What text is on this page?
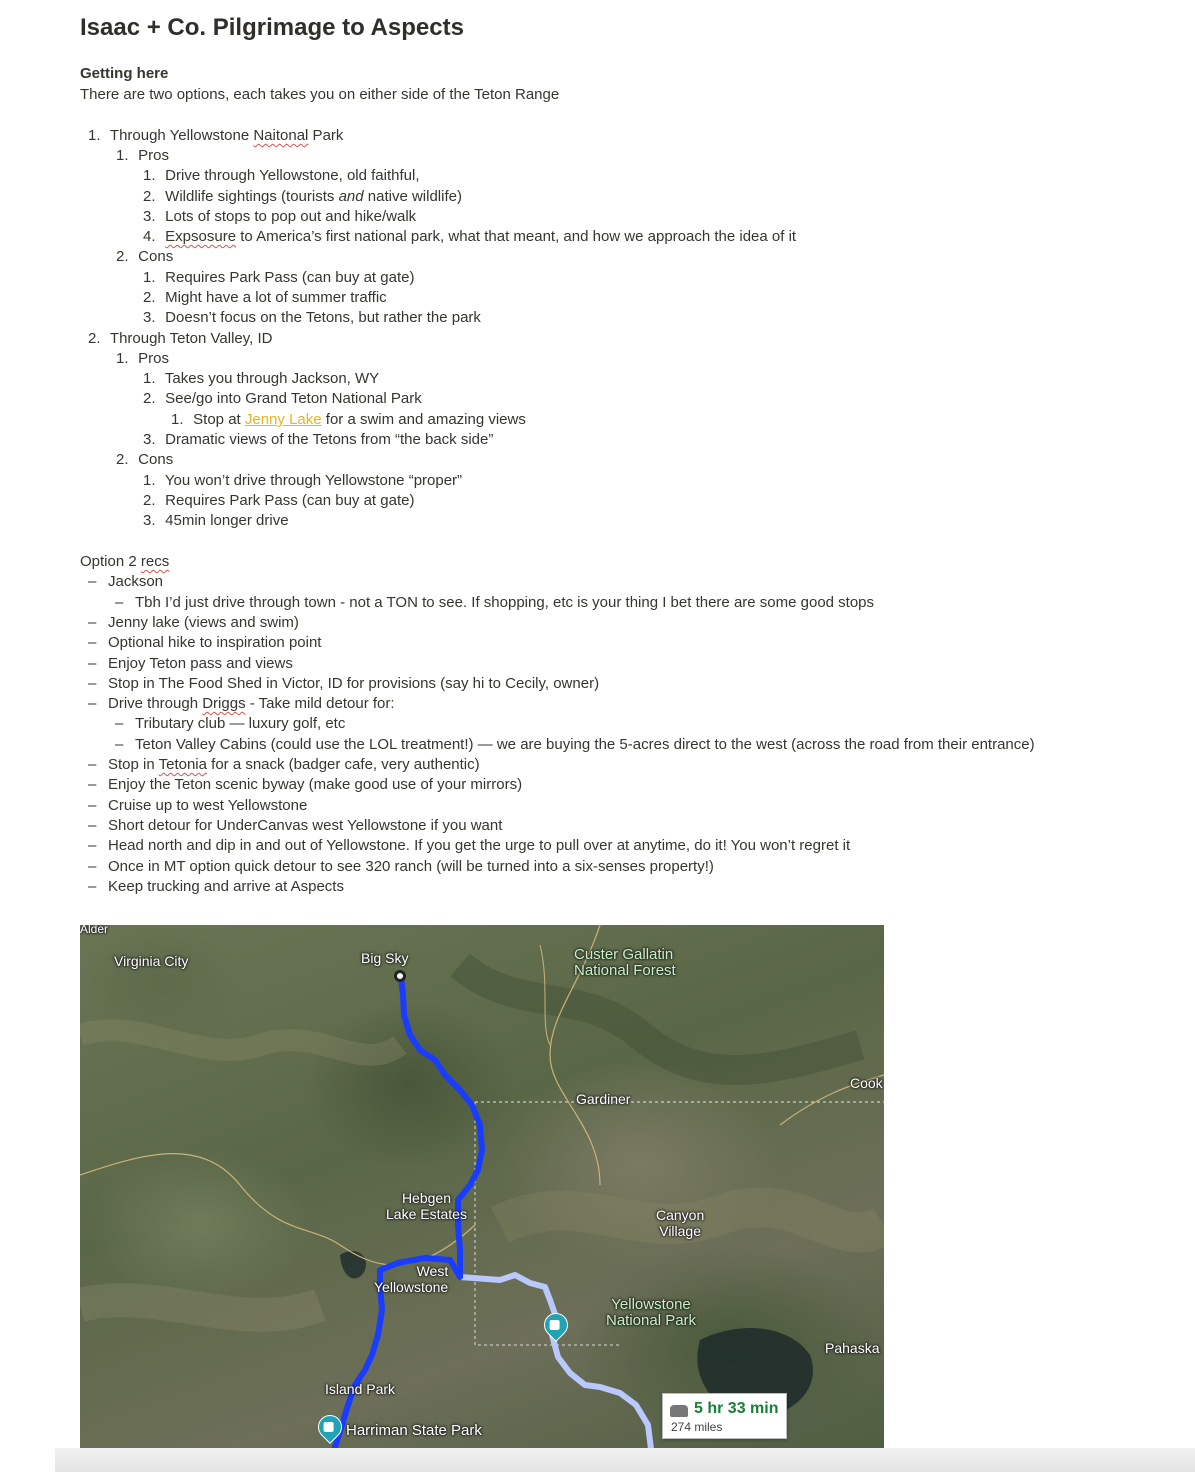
Isaac + Co. Pilgrimage to Aspects
Getting here
There are two options, each takes you on either side of the Teton Range
1. Through Yellowstone Naitonal Park
1. Pros
1. Drive through Yellowstone, old faithful,
2. Wildlife sightings (tourists and native wildlife)
3. Lots of stops to pop out and hike/walk
4. Expsosure to America’s first national park, what that meant, and how we approach the idea of it
2. Cons
1. Requires Park Pass (can buy at gate)
2. Might have a lot of summer traffic
3. Doesn’t focus on the Tetons, but rather the park
2. Through Teton Valley, ID
1. Pros
1. Takes you through Jackson, WY
2. See/go into Grand Teton National Park
1. Stop at Jenny Lake for a swim and amazing views
3. Dramatic views of the Tetons from “the back side”
2. Cons
1. You won’t drive through Yellowstone “proper”
2. Requires Park Pass (can buy at gate)
3. 45min longer drive
Option 2 recs
– Jackson
– Tbh I’d just drive through town - not a TON to see. If shopping, etc is your thing I bet there are some good stops
– Jenny lake (views and swim)
– Optional hike to inspiration point
– Enjoy Teton pass and views
– Stop in The Food Shed in Victor, ID for provisions (say hi to Cecily, owner)
– Drive through Driggs - Take mild detour for:
– Tributary club — luxury golf, etc
– Teton Valley Cabins (could use the LOL treatment!) — we are buying the 5-acres direct to the west (across the road from their entrance)
– Stop in Tetonia for a snack (badger cafe, very authentic)
– Enjoy the Teton scenic byway (make good use of your mirrors)
– Cruise up to west Yellowstone
– Short detour for UnderCanvas west Yellowstone if you want
– Head north and dip in and out of Yellowstone. If you get the urge to pull over at anytime, do it! You won’t regret it
– Once in MT option quick detour to see 320 ranch (will be turned into a six-senses property!)
– Keep trucking and arrive at Aspects
Alder
Virginia City	Big Sky	Custer Gallatin
National Forest
Cook
Gardiner
Hebgen
Lake Estates	Canyon
Village
West
Yellowstone
Yellowstone
National Park
Pahaska
Island Park
Harriman State Park
5 hr 33 min
274 miles
